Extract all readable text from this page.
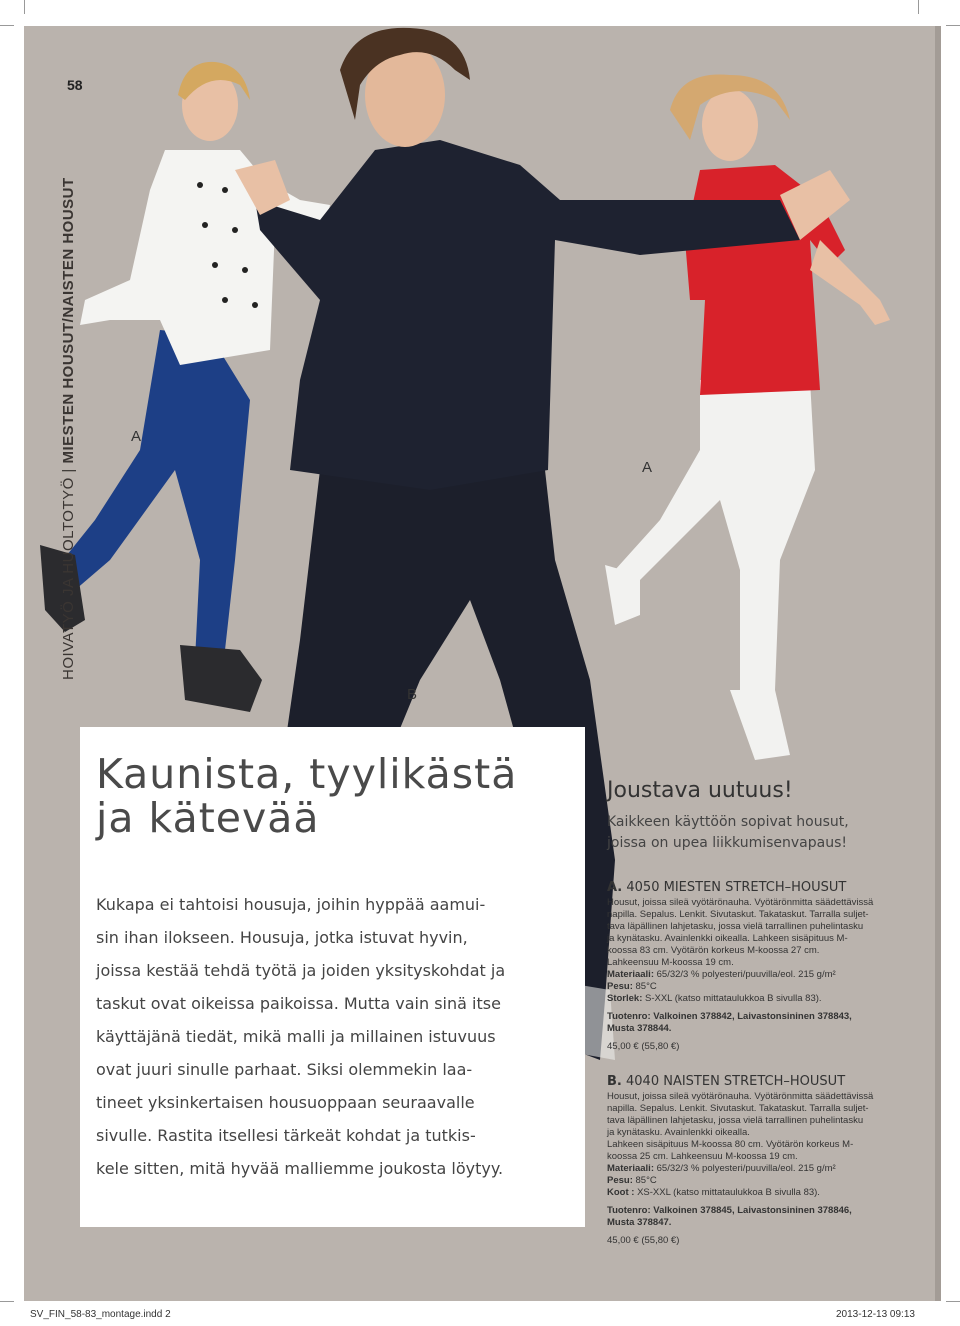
HOIVATYÖ JA HUOLTOTYÖ | MIESTEN HOUSUT/NAISTEN HOUSUT
58
A
B
A
Kaunista, tyylikästä
ja kätevää
Kukapa ei tahtoisi housuja, joihin hyppää aamui-
sin ihan ilokseen. Housuja, jotka istuvat hyvin,
joissa kestää tehdä työtä ja joiden yksityskohdat ja
taskut ovat oikeissa paikoissa. Mutta vain sinä itse
käyttäjänä tiedät, mikä malli ja millainen istuvuus
ovat juuri sinulle parhaat. Siksi olemmekin laa-
tineet yksinkertaisen housuoppaan seuraavalle
sivulle. Rastita itsellesi tärkeät kohdat ja tutkis-
kele sitten, mitä hyvää malliemme joukosta löytyy.
Joustava uutuus!
Kaikkeen käyttöön sopivat housut,
joissa on upea liikkumisenvapaus!
A. 4050 MIESTEN STRETCH–HOUSUT
Housut, joissa sileä vyötärönauha. Vyötärönmitta säädettävissä
napilla. Sepalus. Lenkit. Sivutaskut. Takataskut. Tarralla suljet-
tava läpällinen lahjetasku, jossa vielä tarrallinen puhelintasku
ja kynätasku. Avainlenkki oikealla. Lahkeen sisäpituus M-
koossa 83 cm. Vyötärön korkeus M-koossa 27 cm.
Lahkeensuu M-koossa 19 cm.
Materiaali: 65/32/3 % polyesteri/puuvilla/eol. 215 g/m²
Pesu: 85°C
Storlek: S-XXL (katso mittataulukkoa B sivulla 83).
Tuotenro: Valkoinen 378842, Laivastonsininen 378843,
Musta 378844.
45,00 € (55,80 €)
B. 4040 NAISTEN STRETCH–HOUSUT
Housut, joissa sileä vyötärönauha. Vyötärönmitta säädettävissä
napilla. Sepalus. Lenkit. Sivutaskut. Takataskut. Tarralla suljet-
tava läpällinen lahjetasku, jossa vielä tarrallinen puhelintasku
ja kynätasku. Avainlenkki oikealla.
Lahkeen sisäpituus M-koossa 80 cm. Vyötärön korkeus M-
koossa 25 cm. Lahkeensuu M-koossa 19 cm.
Materiaali: 65/32/3 % polyesteri/puuvilla/eol. 215 g/m²
Pesu: 85°C
Koot : XS-XXL (katso mittataulukkoa B sivulla 83).
Tuotenro: Valkoinen 378845, Laivastonsininen 378846,
Musta 378847.
45,00 € (55,80 €)
SV_FIN_58-83_montage.indd 2	2013-12-13 09:13
